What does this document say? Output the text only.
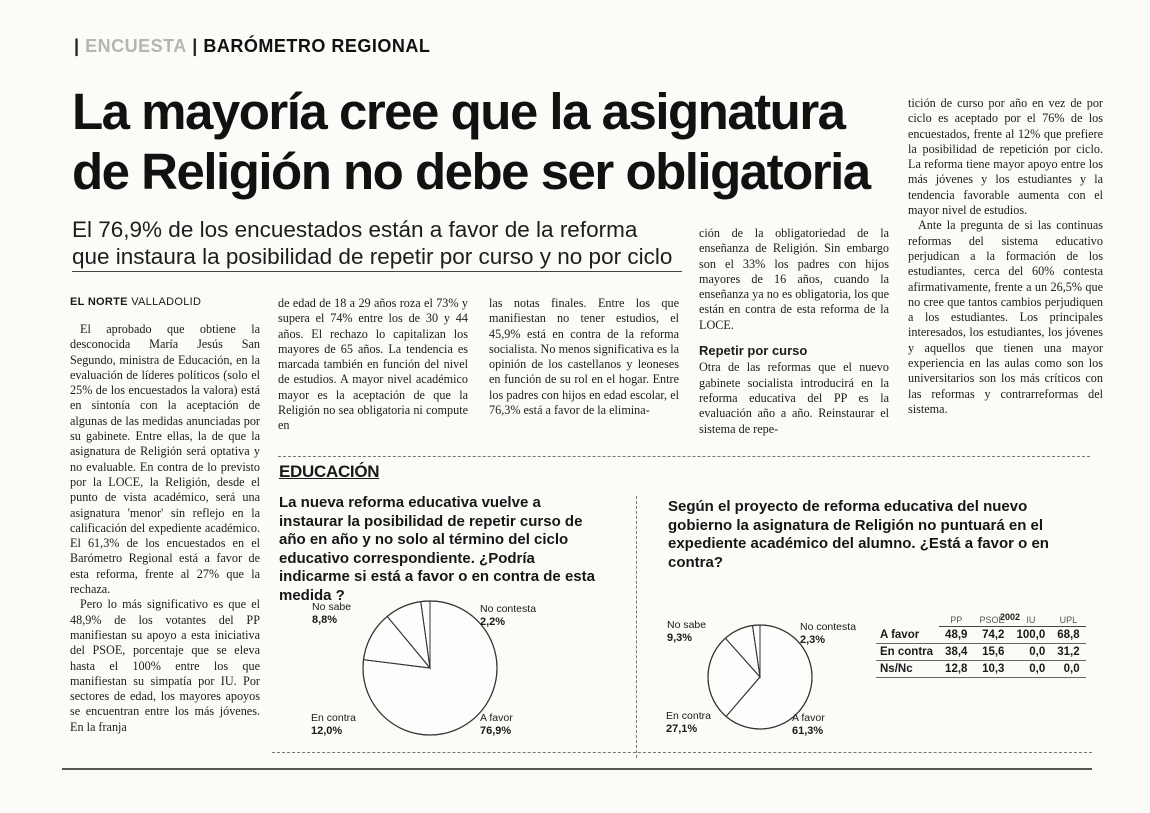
| ENCUESTA | BARÓMETRO REGIONAL
La mayoría cree que la asignatura
de Religión no debe ser obligatoria
El 76,9% de los encuestados están a favor de la reforma
que instaura la posibilidad de repetir por curso y no por ciclo
EL NORTE VALLADOLID

El aprobado que obtiene la desconocida María Jesús San Segundo, ministra de Educación, en la evaluación de líderes políticos (solo el 25% de los encuestados la valora) está en sintonía con la aceptación de algunas de las medidas anunciadas por su gabinete. Entre ellas, la de que la asignatura de Religión será optativa y no evaluable. En contra de lo previsto por la LOCE, la Religión, desde el punto de vista académico, será una asignatura 'menor' sin reflejo en la calificación del expediente académico. El 61,3% de los encuestados en el Barómetro Regional está a favor de esta reforma, frente al 27% que la rechaza.

Pero lo más significativo es que el 48,9% de los votantes del PP manifiestan su apoyo a esta iniciativa del PSOE, porcentaje que se eleva hasta el 100% entre los que manifiestan su simpatía por IU. Por sectores de edad, los mayores apoyos se encuentran entre los más jóvenes. En la franja

de edad de 18 a 29 años roza el 73% y supera el 74% entre los de 30 y 44 años. El rechazo lo capitalizan los mayores de 65 años. La tendencia es marcada también en función del nivel de estudios. A mayor nivel académico mayor es la aceptación de que la Religión no sea obligatoria ni compute en

las notas finales. Entre los que manifiestan no tener estudios, el 45,9% está en contra de la reforma socialista. No menos significativa es la opinión de los castellanos y leoneses en función de su rol en el hogar. Entre los padres con hijos en edad escolar, el 76,3% está a favor de la elimina-

ción de la obligatoriedad de la enseñanza de Religión. Sin embargo son el 33% los padres con hijos mayores de 16 años, cuando la enseñanza ya no es obligatoria, los que están en contra de esta reforma de la LOCE.

Repetir por curso

Otra de las reformas que el nuevo gabinete socialista introducirá en la reforma educativa del PP es la evaluación año a año. Reinstaurar el sistema de repe-

tición de curso por año en vez de por ciclo es aceptado por el 76% de los encuestados, frente al 12% que prefiere la posibilidad de repetición por ciclo. La reforma tiene mayor apoyo entre los más jóvenes y los estudiantes y la tendencia favorable aumenta con el mayor nivel de estudios.

Ante la pregunta de si las continuas reformas del sistema educativo perjudican a la formación de los estudiantes, cerca del 60% contesta afirmativamente, frente a un 26,5% que no cree que tantos cambios perjudiquen a los estudiantes. Los principales interesados, los estudiantes, los jóvenes y aquellos que tienen una mayor experiencia en las aulas como son los universitarios son los más críticos con las reformas y contrarreformas del sistema.

EDUCACIÓN
La nueva reforma educativa vuelve a instaurar la posibilidad de repetir curso de año en año y no solo al término del ciclo educativo correspondiente. ¿Podría indicarme si está a favor o en contra de esta medida ?
Según el proyecto de reforma educativa del nuevo gobierno la asignatura de Religión no puntuará en el expediente académico del alumno. ¿Está a favor o en contra?
No sabe
8,8%
No contesta
2,2%
En contra
12,0%
A favor
76,9%
No sabe
9,3%
No contesta
2,3%
En contra
27,1%
A favor
61,3%
2002
	PP	PSOE	IU	UPL
A favor	48,9	74,2	100,0	68,8
En contra	38,4	15,6	0,0	31,2
Ns/Nc	12,8	10,3	0,0	0,0
